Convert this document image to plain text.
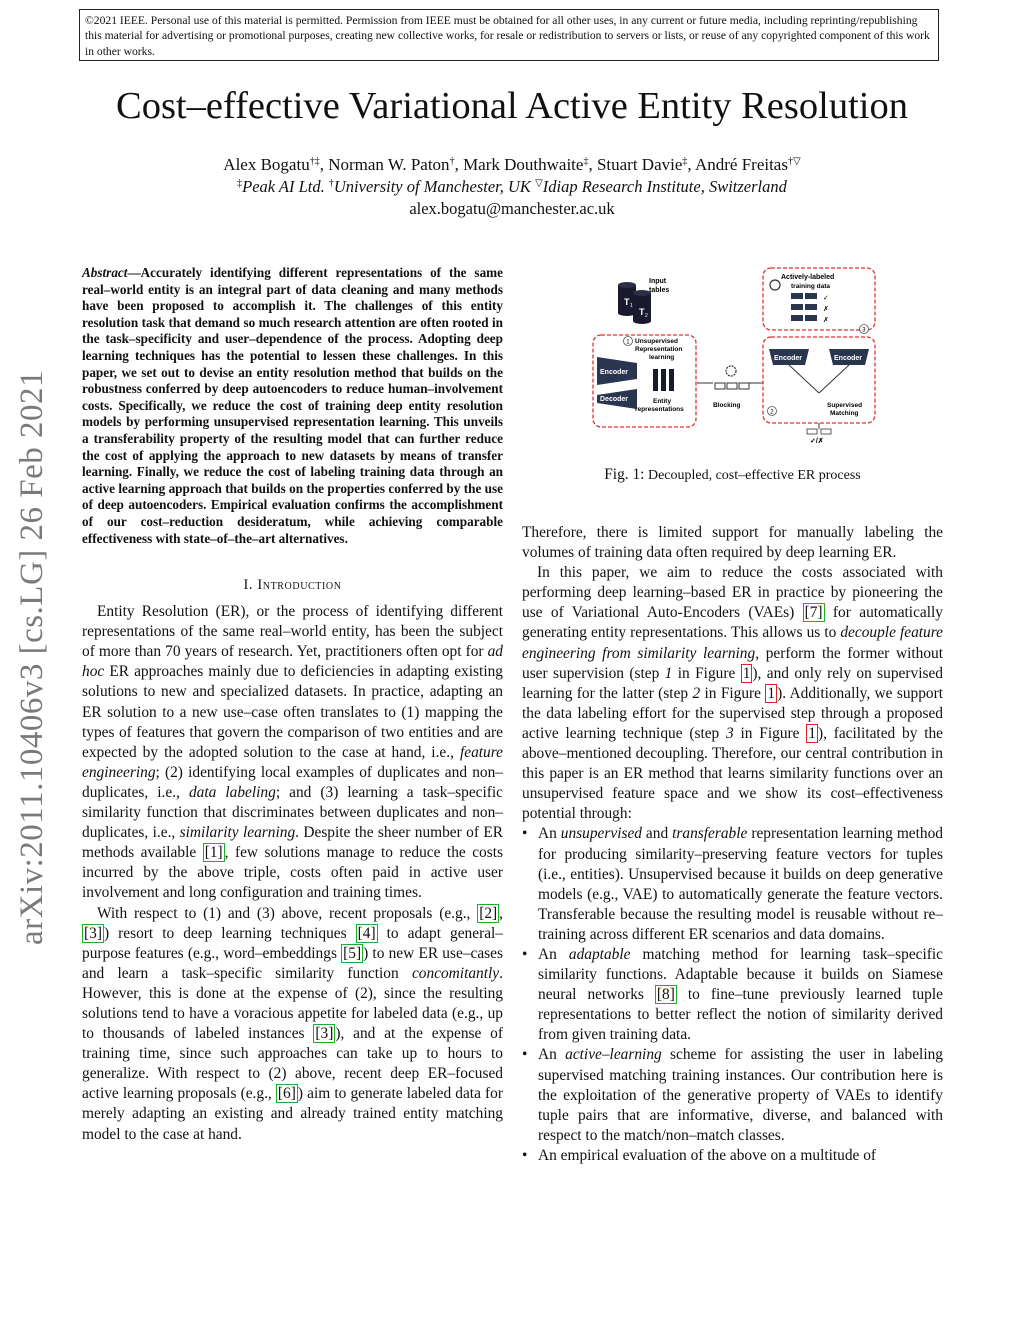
©2021 IEEE. Personal use of this material is permitted. Permission from IEEE must be obtained for all other uses, in any current or future media, including reprinting/republishing this material for advertising or promotional purposes, creating new collective works, for resale or redistribution to servers or lists, or reuse of any copyrighted component of this work in other works.
arXiv:2011.10406v3 [cs.LG] 26 Feb 2021
Cost–effective Variational Active Entity Resolution
Alex Bogatu†‡, Norman W. Paton†, Mark Douthwaite‡, Stuart Davie‡, André Freitas†▽
‡Peak AI Ltd. †University of Manchester, UK ▽Idiap Research Institute, Switzerland
alex.bogatu@manchester.ac.uk

Abstract—Accurately identifying different representations of the same real–world entity is an integral part of data cleaning and many methods have been proposed to accomplish it. The challenges of this entity resolution task that demand so much research attention are often rooted in the task–specificity and user–dependence of the process. Adopting deep learning techniques has the potential to lessen these challenges. In this paper, we set out to devise an entity resolution method that builds on the robustness conferred by deep autoencoders to reduce human–involvement costs. Specifically, we reduce the cost of training deep entity resolution models by performing unsupervised representation learning. This unveils a transferability property of the resulting model that can further reduce the cost of applying the approach to new datasets by means of transfer learning. Finally, we reduce the cost of labeling training data through an active learning approach that builds on the properties conferred by the use of deep autoencoders. Empirical evaluation confirms the accomplishment of our cost–reduction desideratum, while achieving comparable effectiveness with state–of–the–art alternatives.

I. Introduction

Entity Resolution (ER), or the process of identifying different representations of the same real–world entity, has been the subject of more than 70 years of research. Yet, practitioners often opt for ad hoc ER approaches mainly due to deficiencies in adapting existing solutions to new and specialized datasets. In practice, adapting an ER solution to a new use–case often translates to (1) mapping the types of features that govern the comparison of two entities and are expected by the adopted solution to the case at hand, i.e., feature engineering; (2) identifying local examples of duplicates and non–duplicates, i.e., data labeling; and (3) learning a task–specific similarity function that discriminates between duplicates and non–duplicates, i.e., similarity learning. Despite the sheer number of ER methods available [1] , few solutions manage to reduce the costs incurred by the above triple, costs often paid in active user involvement and long configuration and training times.

With respect to (1) and (3) above, recent proposals (e.g., [2] , [3] ) resort to deep learning techniques [4] to adapt general–purpose features (e.g., word–embeddings [5] ) to new ER use–cases and learn a task–specific similarity function concomitantly. However, this is done at the expense of (2), since the resulting solutions tend to have a voracious appetite for labeled data (e.g., up to thousands of labeled instances [3] ), and at the expense of training time, since such approaches can take up to hours to generalize. With respect to (2) above, recent deep ER–focused active learning proposals (e.g., [6] ) aim to generate labeled data for merely adapting an existing and already trained entity matching model to the case at hand.

T 1
T 2
Input
tables
1 Unsupervised
Representation
learning
Encoder
Decoder	Entity
representations
Blocking
Actively-labeled
training data
✓
✗
✗
3
Encoder	Encoder
2
Supervised
Matching
✓/✗
Fig. 1: Decoupled, cost–effective ER process

Therefore, there is limited support for manually labeling the volumes of training data often required by deep learning ER.

In this paper, we aim to reduce the costs associated with performing deep learning–based ER in practice by pioneering the use of Variational Auto-Encoders (VAEs) [7] for automatically generating entity representations. This allows us to decouple feature engineering from similarity learning, perform the former without user supervision (step 1 in Figure 1 ), and only rely on supervised learning for the latter (step 2 in Figure 1 ). Additionally, we support the data labeling effort for the supervised step through a proposed active learning technique (step 3 in Figure 1 ), facilitated by the above–mentioned decoupling. Therefore, our central contribution in this paper is an ER method that learns similarity functions over an unsupervised feature space and we show its cost–effectiveness potential through:

• An unsupervised and transferable representation learning method for producing similarity–preserving feature vectors for tuples (i.e., entities). Unsupervised because it builds on deep generative models (e.g., VAE) to automatically generate the feature vectors. Transferable because the resulting model is reusable without re–training across different ER scenarios and data domains.
• An adaptable matching method for learning task–specific similarity functions. Adaptable because it builds on Siamese neural networks [8] to fine–tune previously learned tuple representations to better reflect the notion of similarity derived from given training data.
• An active–learning scheme for assisting the user in labeling supervised matching training instances. Our contribution here is the exploitation of the generative property of VAEs to identify tuple pairs that are informative, diverse, and balanced with respect to the match/non–match classes.
• An empirical evaluation of the above on a multitude of
